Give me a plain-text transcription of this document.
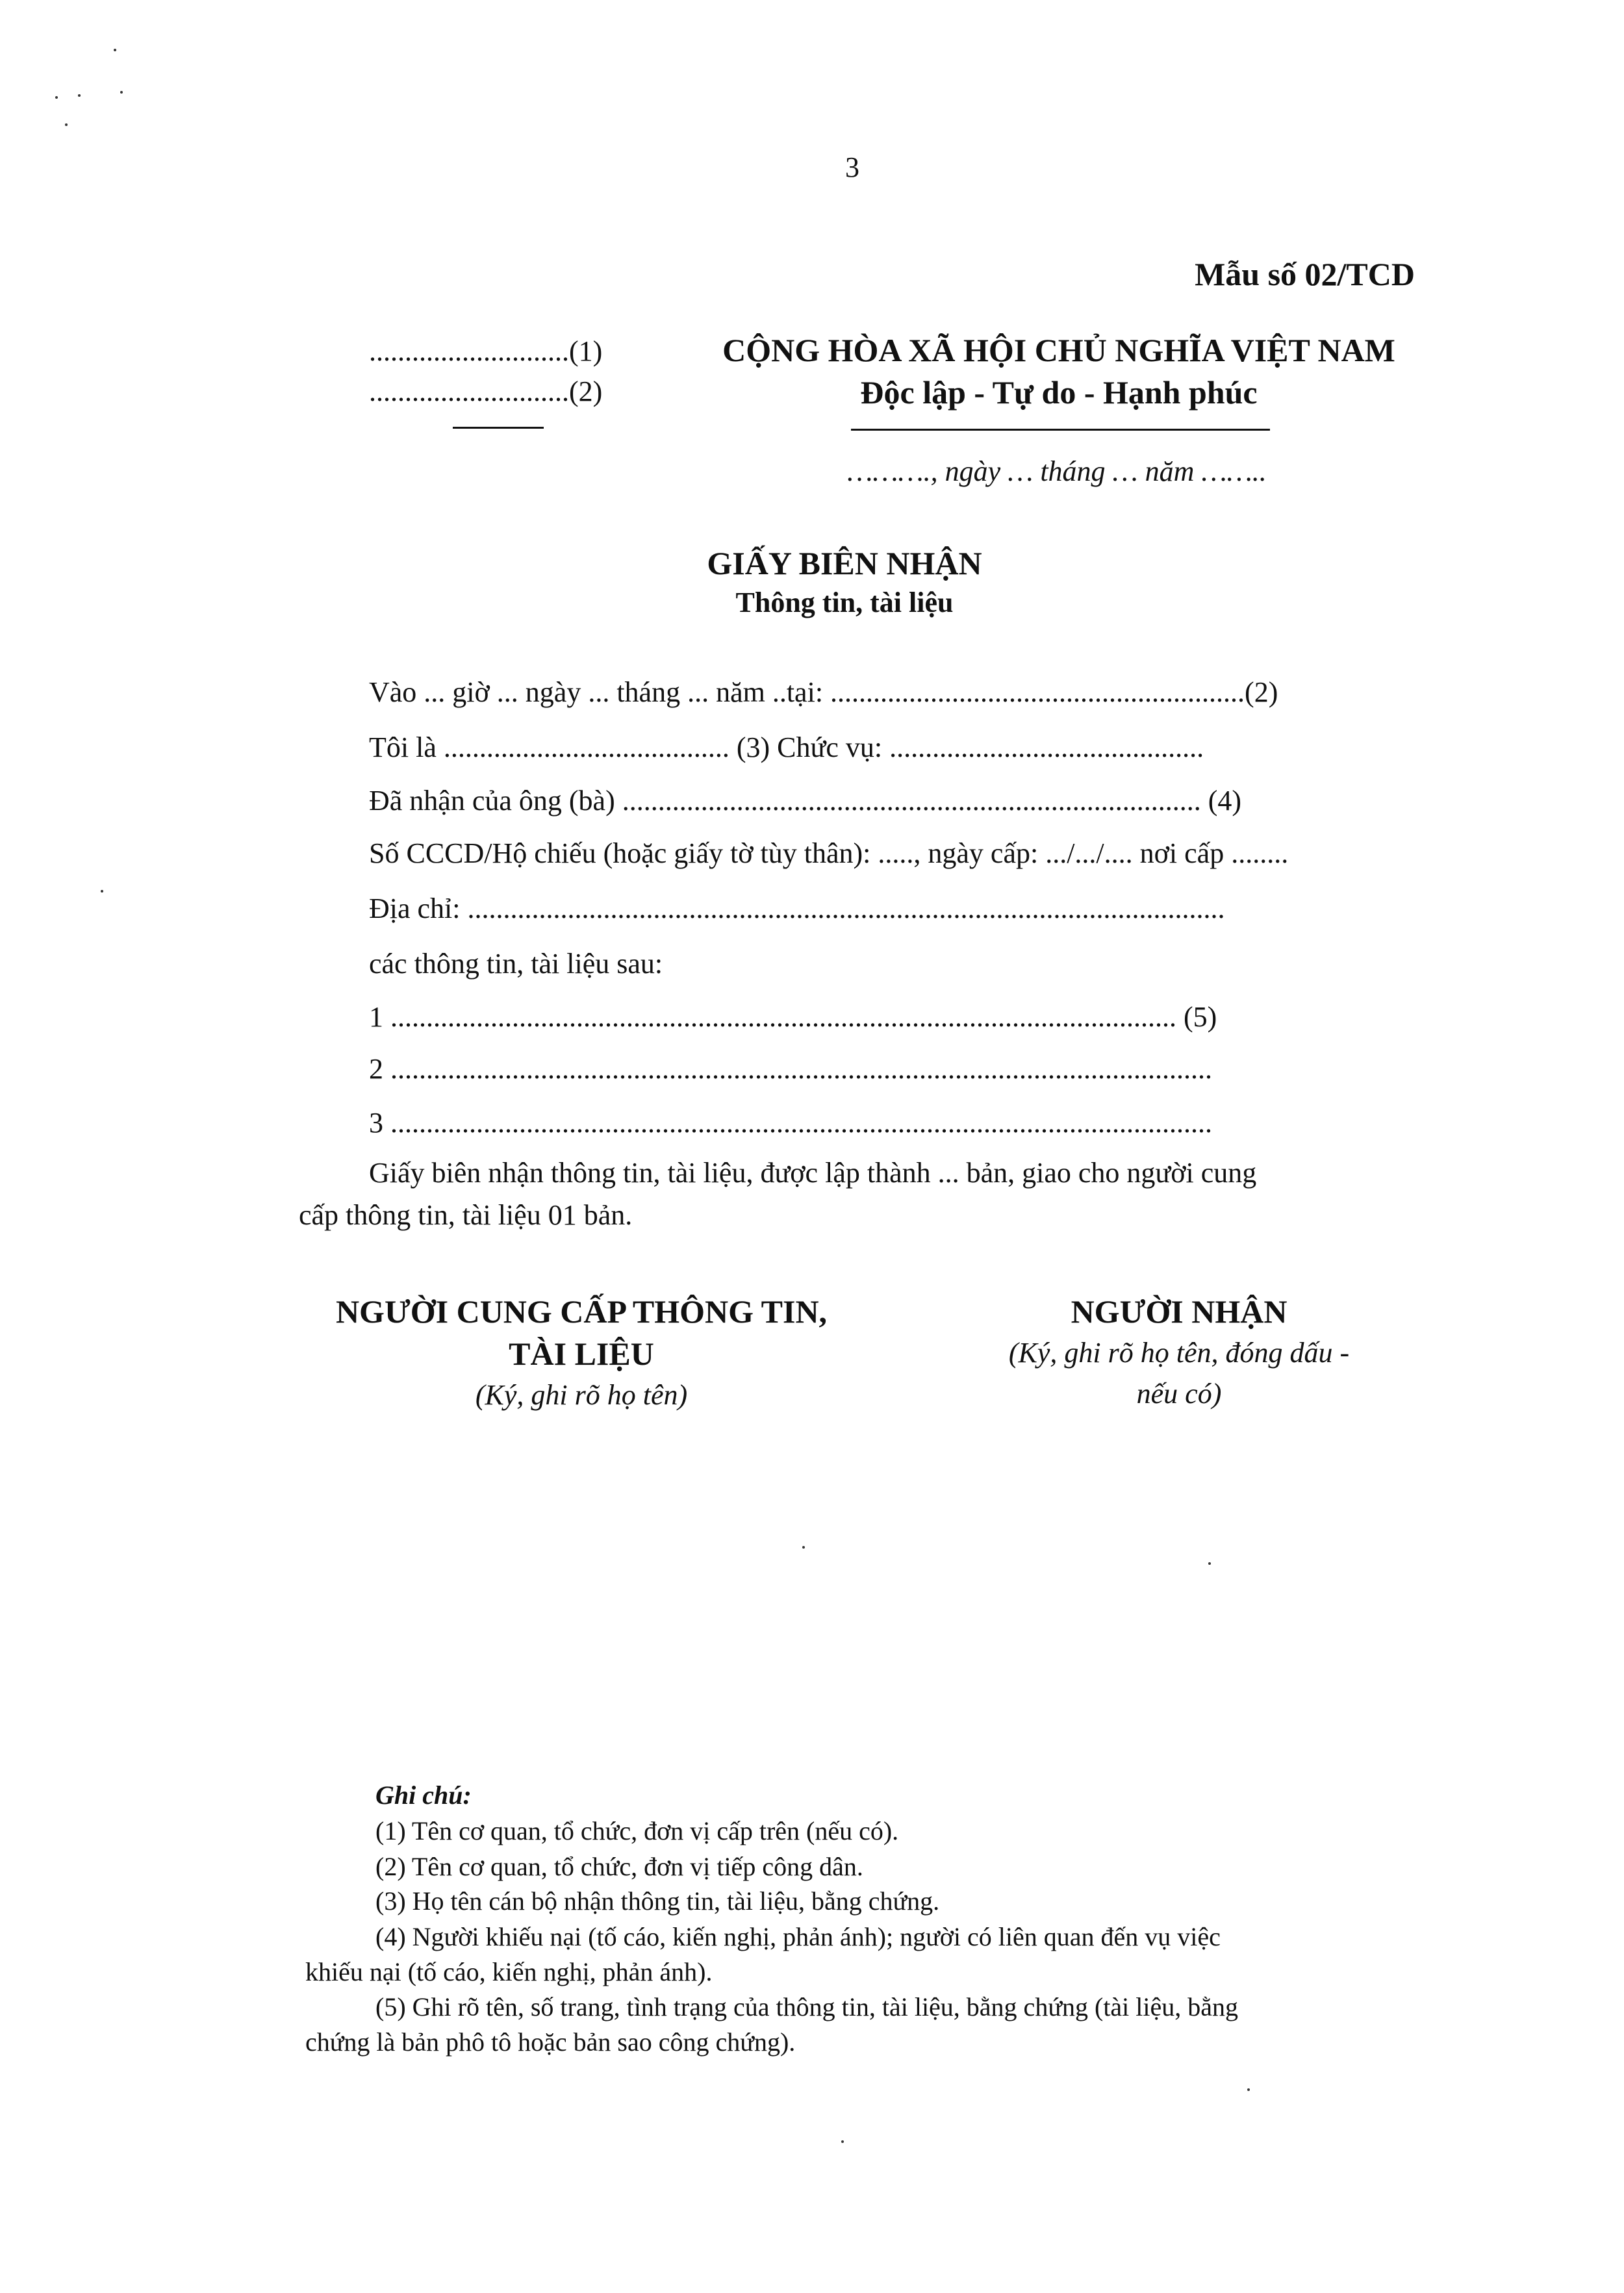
3
Mẫu số 02/TCD
............................(1)
............................(2)
CỘNG HÒA XÃ HỘI CHỦ NGHĨA VIỆT NAM
Độc lập - Tự do - Hạnh phúc
………., ngày … tháng … năm ……..
GIẤY BIÊN NHẬN
Thông tin, tài liệu
Vào ... giờ ... ngày ... tháng ... năm ..tại: ..........................................................(2)
Tôi là ........................................ (3) Chức vụ: ............................................
Đã nhận của ông (bà) ................................................................................. (4)
Số CCCD/Hộ chiếu (hoặc giấy tờ tùy thân): ....., ngày cấp: .../.../.... nơi cấp ........
Địa chỉ: ..........................................................................................................
các thông tin, tài liệu sau:
1 .............................................................................................................. (5)
2 ...................................................................................................................
3 ...................................................................................................................
Giấy biên nhận thông tin, tài liệu, được lập thành ... bản, giao cho người cung
cấp thông tin, tài liệu 01 bản.
NGƯỜI CUNG CẤP THÔNG TIN,
TÀI LIỆU
(Ký, ghi rõ họ tên)
NGƯỜI NHẬN
(Ký, ghi rõ họ tên, đóng dấu -
nếu có)
Ghi chú:
(1) Tên cơ quan, tổ chức, đơn vị cấp trên (nếu có).
(2) Tên cơ quan, tổ chức, đơn vị tiếp công dân.
(3) Họ tên cán bộ nhận thông tin, tài liệu, bằng chứng.
(4) Người khiếu nại (tố cáo, kiến nghị, phản ánh); người có liên quan đến vụ việc
khiếu nại (tố cáo, kiến nghị, phản ánh).
(5) Ghi rõ tên, số trang, tình trạng của thông tin, tài liệu, bằng chứng (tài liệu, bằng
chứng là bản phô tô hoặc bản sao công chứng).
